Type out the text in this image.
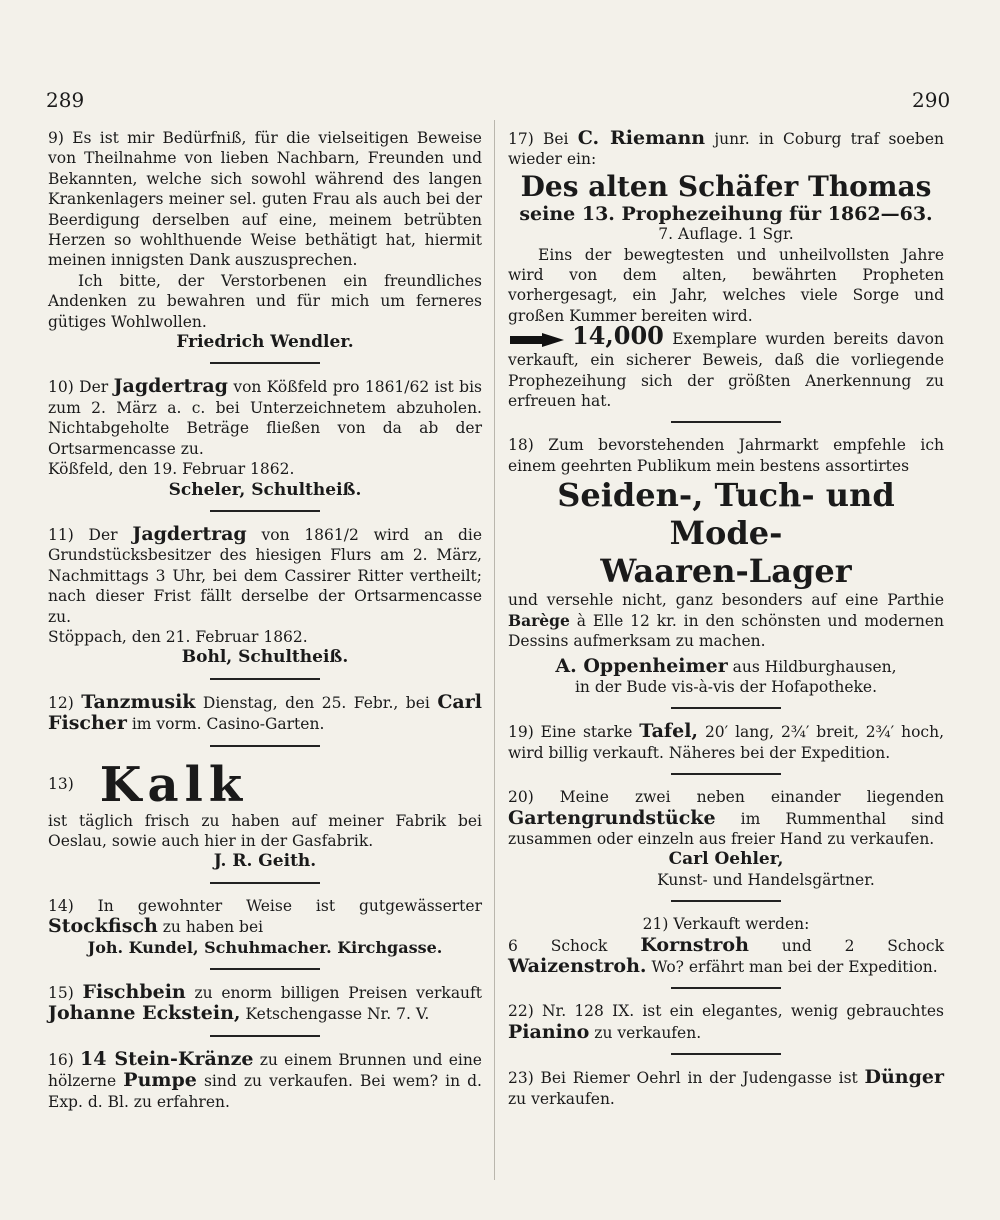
289	290

9) Es ist mir Bedürfniß, für die vielseitigen Beweise von Theilnahme von lieben Nachbarn, Freunden und Bekannten, welche sich sowohl während des langen Krankenlagers meiner sel. guten Frau als auch bei der Beerdigung derselben auf eine, meinem betrübten Herzen so wohlthuende Weise bethätigt hat, hiermit meinen innigsten Dank auszusprechen.

Ich bitte, der Verstorbenen ein freundliches Andenken zu bewahren und für mich um ferneres gütiges Wohlwollen.

Friedrich Wendler.

10) Der Jagdertrag von Kößfeld pro 1861/62 ist bis zum 2. März a. c. bei Unterzeichnetem abzuholen. Nichtabgeholte Beträge fließen von da ab der Ortsarmencasse zu.

Kößfeld, den 19. Februar 1862.

Scheler, Schultheiß.

11) Der Jagdertrag von 1861/2 wird an die Grundstücksbesitzer des hiesigen Flurs am 2. März, Nachmittags 3 Uhr, bei dem Cassirer Ritter vertheilt; nach dieser Frist fällt derselbe der Ortsarmencasse zu.

Stöppach, den 21. Februar 1862.

Bohl, Schultheiß.

12) Tanzmusik Dienstag, den 25. Febr., bei Carl Fischer im vorm. Casino-Garten.

13) Kalk

ist täglich frisch zu haben auf meiner Fabrik bei Oeslau, sowie auch hier in der Gasfabrik.

J. R. Geith.

14) In gewohnter Weise ist gutgewässerter Stockfisch zu haben bei

Joh. Kundel, Schuhmacher. Kirchgasse.

15) Fischbein zu enorm billigen Preisen verkauft Johanne Eckstein, Ketschengasse Nr. 7. V.

16) 14 Stein-Kränze zu einem Brunnen und eine hölzerne Pumpe sind zu verkaufen. Bei wem? in d. Exp. d. Bl. zu erfahren.

17) Bei C. Riemann junr. in Coburg traf soeben wieder ein:

Des alten Schäfer Thomas

seine 13. Prophezeihung für 1862—63.

7. Auflage. 1 Sgr.

Eins der bewegtesten und unheilvollsten Jahre wird von dem alten, bewährten Propheten vorhergesagt, ein Jahr, welches viele Sorge und großen Kummer bereiten wird.

14,000 Exemplare wurden bereits davon verkauft, ein sicherer Beweis, daß die vorliegende Prophezeihung sich der größten Anerkennung zu erfreuen hat.

18) Zum bevorstehenden Jahrmarkt empfehle ich einem geehrten Publikum mein bestens assortirtes

Seiden-, Tuch- und Mode-

Waaren-Lager

und versehle nicht, ganz besonders auf eine Parthie Barège à Elle 12 kr. in den schönsten und modernen Dessins aufmerksam zu machen.

A. Oppenheimer aus Hildburghausen,

in der Bude vis-à-vis der Hofapotheke.

19) Eine starke Tafel, 20′ lang, 2¾′ breit, 2¾′ hoch, wird billig verkauft. Näheres bei der Expedition.

20) Meine zwei neben einander liegenden Gartengrundstücke im Rummenthal sind zusammen oder einzeln aus freier Hand zu verkaufen.

Carl Oehler,

Kunst- und Handelsgärtner.

21) Verkauft werden:

6 Schock Kornstroh und 2 Schock Waizenstroh. Wo? erfährt man bei der Expedition.

22) Nr. 128 IX. ist ein elegantes, wenig gebrauchtes Pianino zu verkaufen.

23) Bei Riemer Oehrl in der Judengasse ist Dünger zu verkaufen.
